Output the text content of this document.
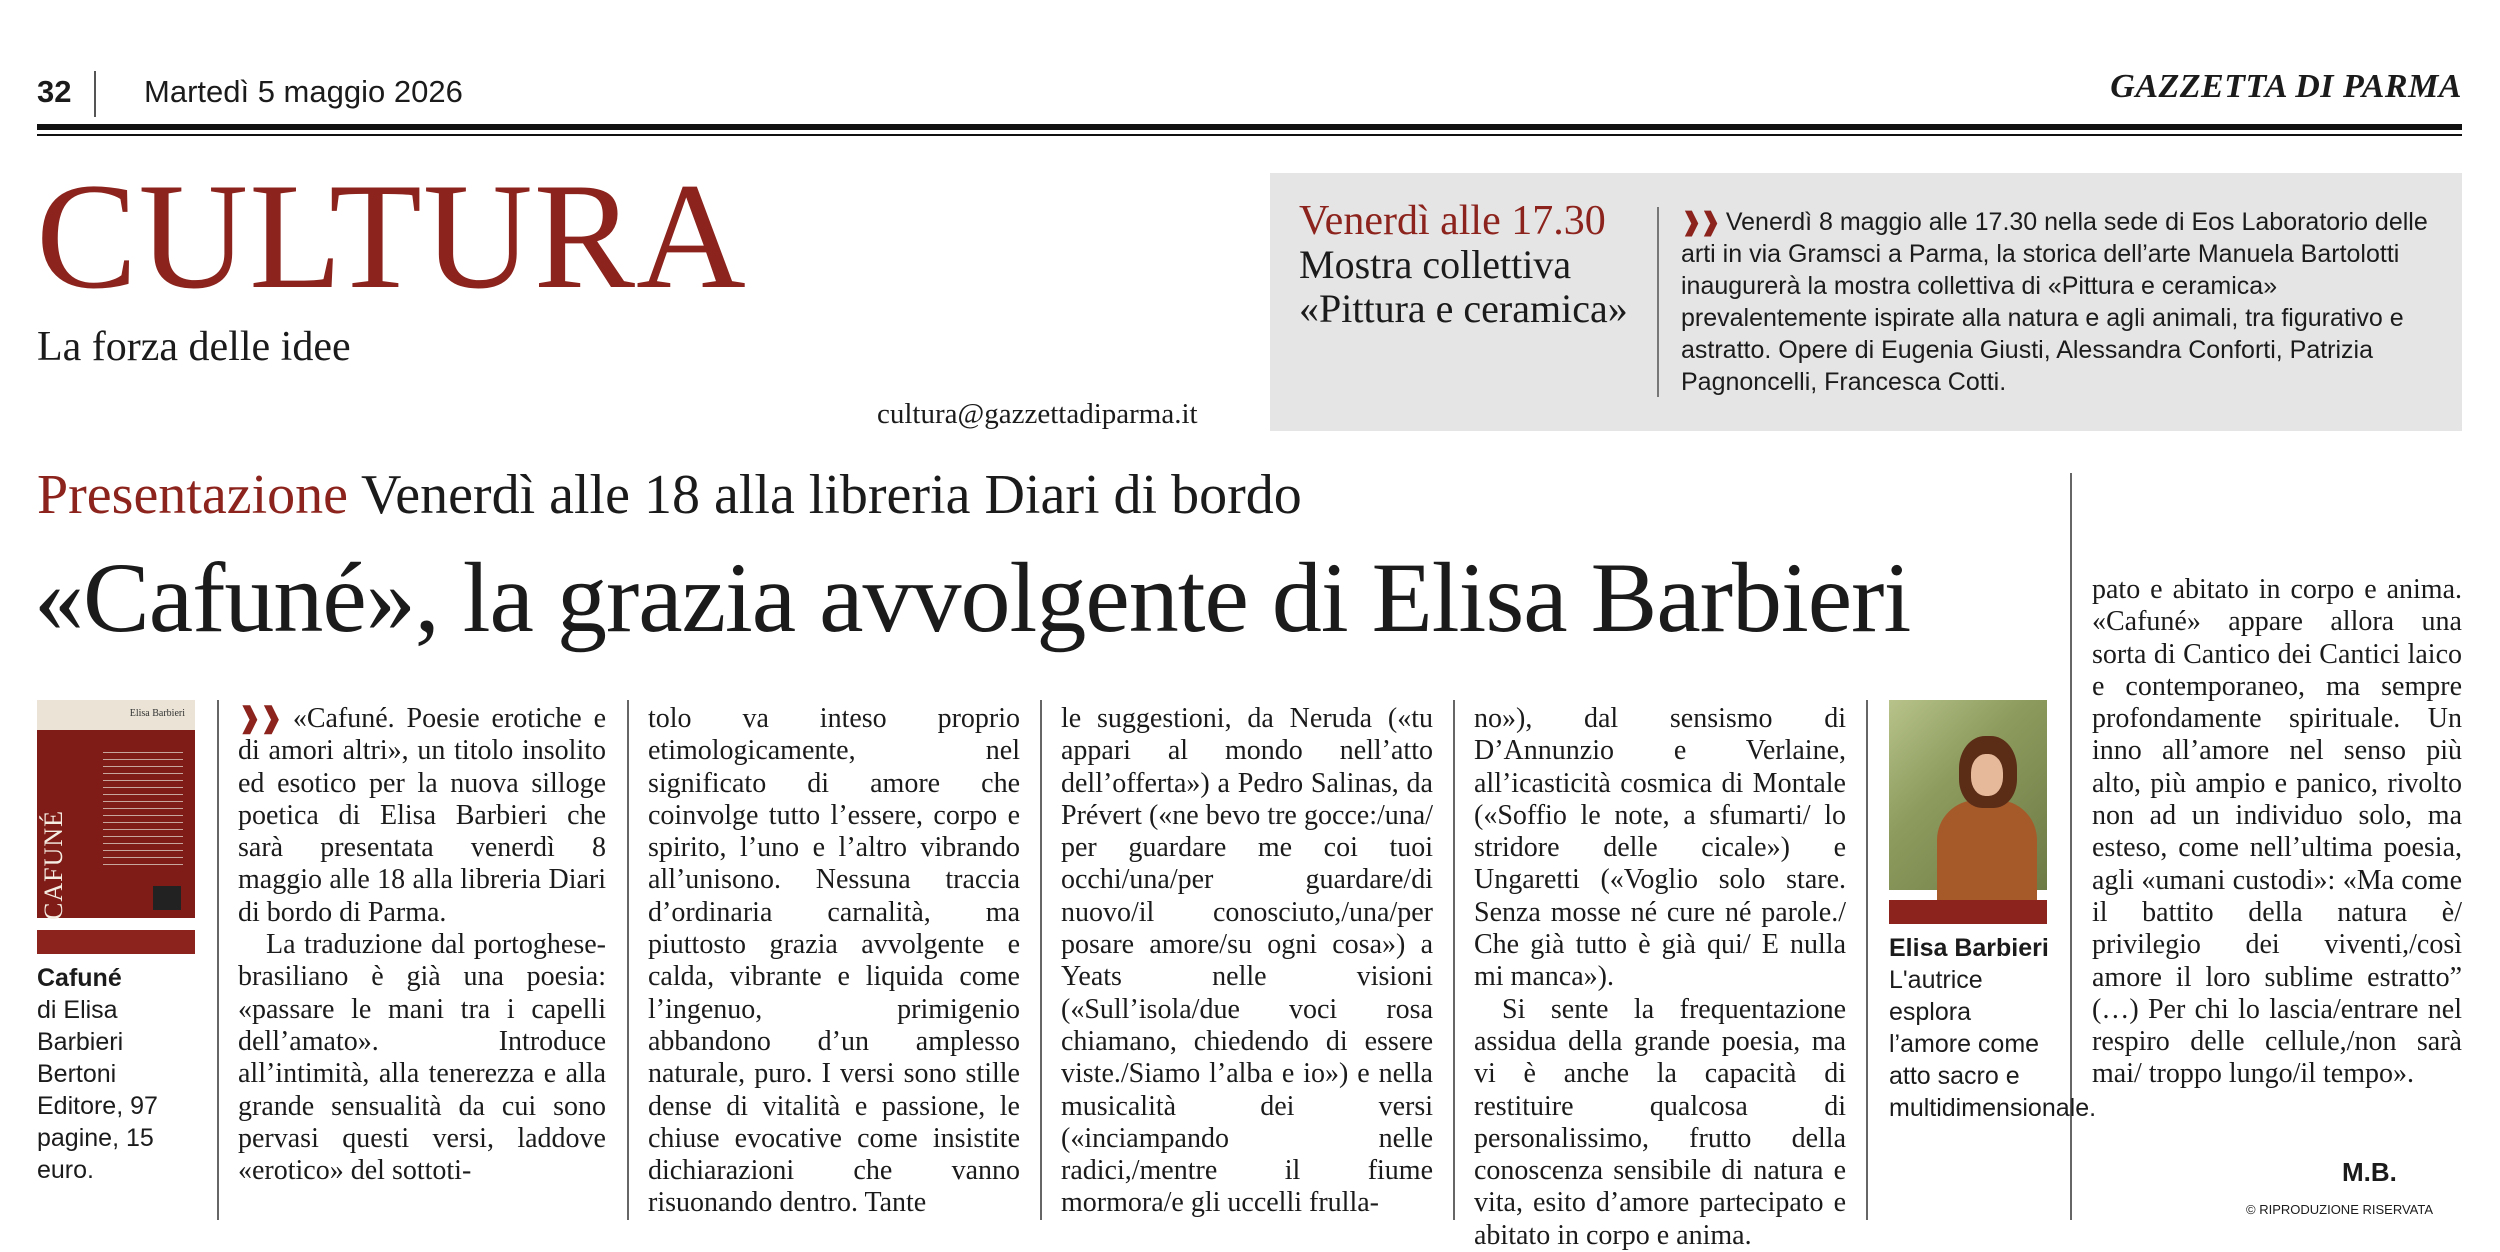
32 Martedì 5 maggio 2026	GAZZETTA DI PARMA
CULTURA
La forza delle idee
cultura@gazzettadiparma.it
Venerdì alle 17.30
Mostra collettiva «Pittura e ceramica»
❱❱ Venerdì 8 maggio alle 17.30 nella sede di Eos Laboratorio delle arti in via Gramsci a Parma, la storica dell’arte Manuela Bartolotti inaugurerà la mostra collettiva di «Pittura e ceramica» prevalentemente ispirate alla natura e agli animali, tra figurativo e astratto. Opere di Eugenia Giusti, Alessandra Conforti, Patrizia Pagnoncelli, Francesca Cotti.
Presentazione Venerdì alle 18 alla libreria Diari di bordo
«Cafuné», la grazia avvolgente di Elisa Barbieri
Elisa Barbieri
CAFUNÉ
Cafuné
di Elisa Barbieri Bertoni Editore, 97 pagine, 15 euro.

❱❱ «Cafuné. Poesie erotiche e di amori altri», un titolo insolito ed esotico per la nuova silloge poetica di Elisa Barbieri che sarà presentata venerdì 8 maggio alle 18 alla libreria Diari di bordo di Parma.

La traduzione dal portoghese-brasiliano è già una poesia: «passare le mani tra i capelli dell’amato». Introduce all’intimità, alla tenerezza e alla grande sensualità da cui sono pervasi questi versi, laddove «erotico» del sottoti-

tolo va inteso proprio etimologicamente, nel significato di amore che coinvolge tutto l’essere, corpo e spirito, l’uno e l’altro vibrando all’unisono. Nessuna traccia d’ordinaria carnalità, ma piuttosto grazia avvolgente e calda, vibrante e liquida come l’ingenuo, primigenio abbandono d’un amplesso naturale, puro. I versi sono stille dense di vitalità e passione, le chiuse evocative come insistite dichiarazioni che vanno risuonando dentro. Tante

le suggestioni, da Neruda («tu appari al mondo nell’atto dell’offerta») a Pedro Salinas, da Prévert («ne bevo tre gocce:/una/ per guardare me coi tuoi occhi/una/per guardare/di nuovo/il conosciuto,/una/per posare amore/su ogni cosa») a Yeats nelle visioni («Sull’isola/due voci rosa chiamano, chiedendo di essere viste./Siamo l’alba e io») e nella musicalità dei versi («inciampando nelle radici,/mentre il fiume mormora/e gli uccelli frulla-

no»), dal sensismo di D’Annunzio e Verlaine, all’icasticità cosmica di Montale («Soffio le note, a sfumarti/ lo stridore delle cicale») e Ungaretti («Voglio solo stare. Senza mosse né cure né parole./ Che già tutto è già qui/ E nulla mi manca»).

Si sente la frequentazione assidua della grande poesia, ma vi è anche la capacità di restituire qualcosa di personalissimo, frutto della conoscenza sensibile di natura e vita, esito d’amore partecipato e abitato in corpo e anima.

pato e abitato in corpo e anima. «Cafuné» appare allora una sorta di Cantico dei Cantici laico e contemporaneo, ma sempre profondamente spirituale. Un inno all’amore nel senso più alto, più ampio e panico, rivolto non ad un individuo solo, ma esteso, come nell’ultima poesia, agli «umani custodi»: «Ma come il battito della natura è/ privilegio dei viventi,/così amore il loro sublime estratto” (…) Per chi lo lascia/entrare nel respiro delle cellule,/non sarà mai/ troppo lungo/il tempo».

Elisa Barbieri
L'autrice esplora l’amore come atto sacro e multidimensionale.
M.B.
© RIPRODUZIONE RISERVATA
